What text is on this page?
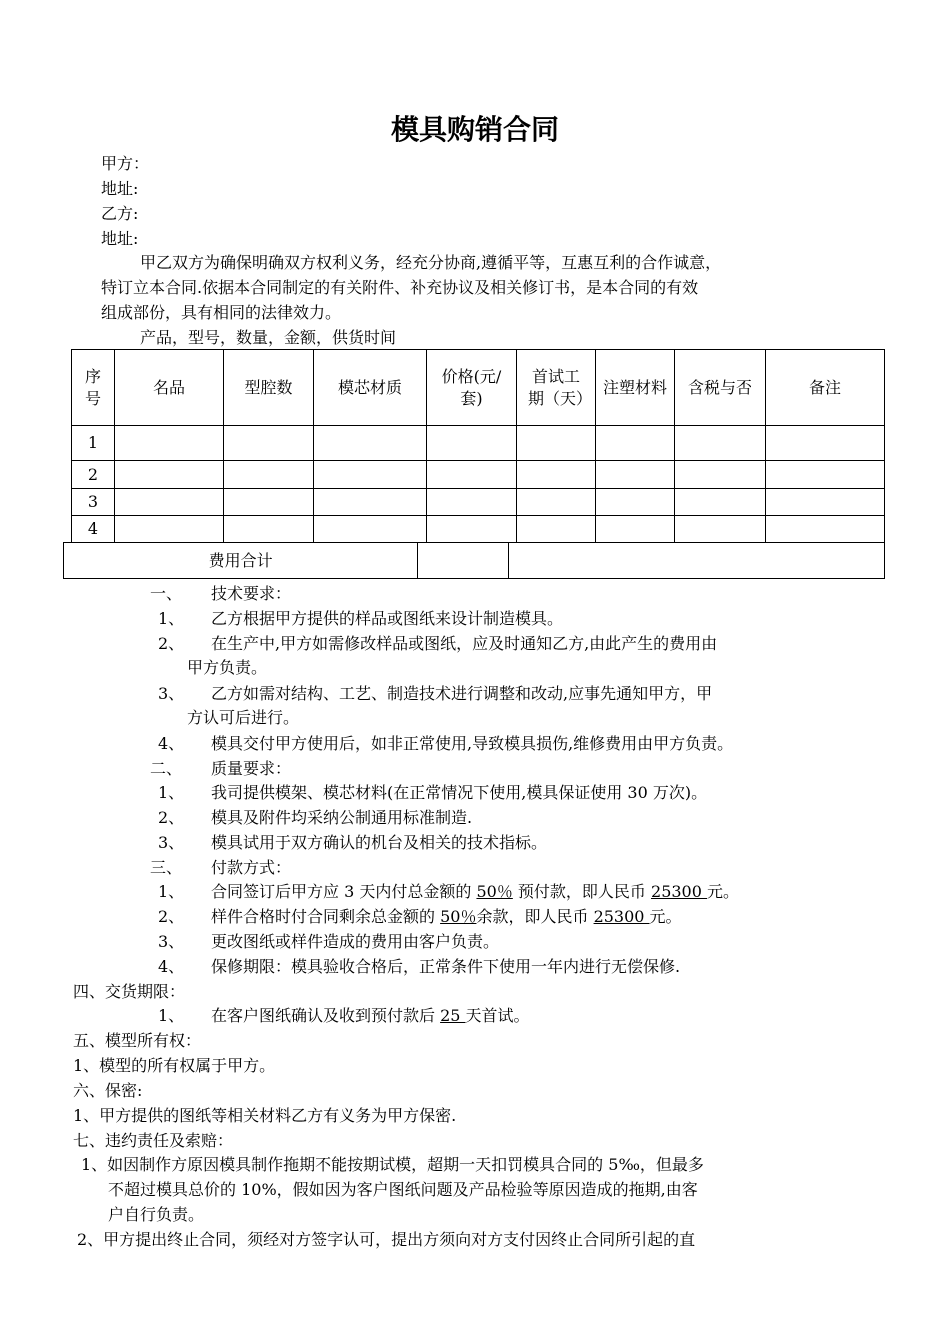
模具购销合同
甲方：
地址:
乙方:
地址:
甲乙双方为确保明确双方权利义务，经充分协商,遵循平等，互惠互利的合作诚意，
特订立本合同.依据本合同制定的有关附件、补充协议及相关修订书，是本合同的有效
组成部份，具有相同的法律效力。
产品，型号，数量，金额，供货时间
序号	名品	型腔数	模芯材质	价格(元/套)	首试工期（天）	注塑材料	含税与否	备注
1								
2								
3								
4								
费用合计		
一、 技术要求：
1、 乙方根据甲方提供的样品或图纸来设计制造模具。
2、 在生产中,甲方如需修改样品或图纸，应及时通知乙方,由此产生的费用由
甲方负责。
3、 乙方如需对结构、工艺、制造技术进行调整和改动,应事先通知甲方，甲
方认可后进行。
4、 模具交付甲方使用后，如非正常使用,导致模具损伤,维修费用由甲方负责。
二、 质量要求：
1、 我司提供模架、模芯材料(在正常情况下使用,模具保证使用 30 万次)。
2、 模具及附件均采纳公制通用标准制造.
3、 模具试用于双方确认的机台及相关的技术指标。
三、 付款方式：
1、 合同签订后甲方应 3 天内付总金额的 50％ 预付款，即人民币 25300 元。
2、 样件合格时付合同剩余总金额的 50％余款，即人民币 25300 元。
3、 更改图纸或样件造成的费用由客户负责。
4、 保修期限：模具验收合格后，正常条件下使用一年内进行无偿保修.
四、交货期限：
1、 在客户图纸确认及收到预付款后 25 天首试。
五、模型所有权：
1、模型的所有权属于甲方。
六、保密:
1、甲方提供的图纸等相关材料乙方有义务为甲方保密.
七、违约责任及索赔：
1、如因制作方原因模具制作拖期不能按期试模，超期一天扣罚模具合同的 5‰，但最多
不超过模具总价的 10%，假如因为客户图纸问题及产品检验等原因造成的拖期,由客
户自行负责。
2、甲方提出终止合同，须经对方签字认可，提出方须向对方支付因终止合同所引起的直
